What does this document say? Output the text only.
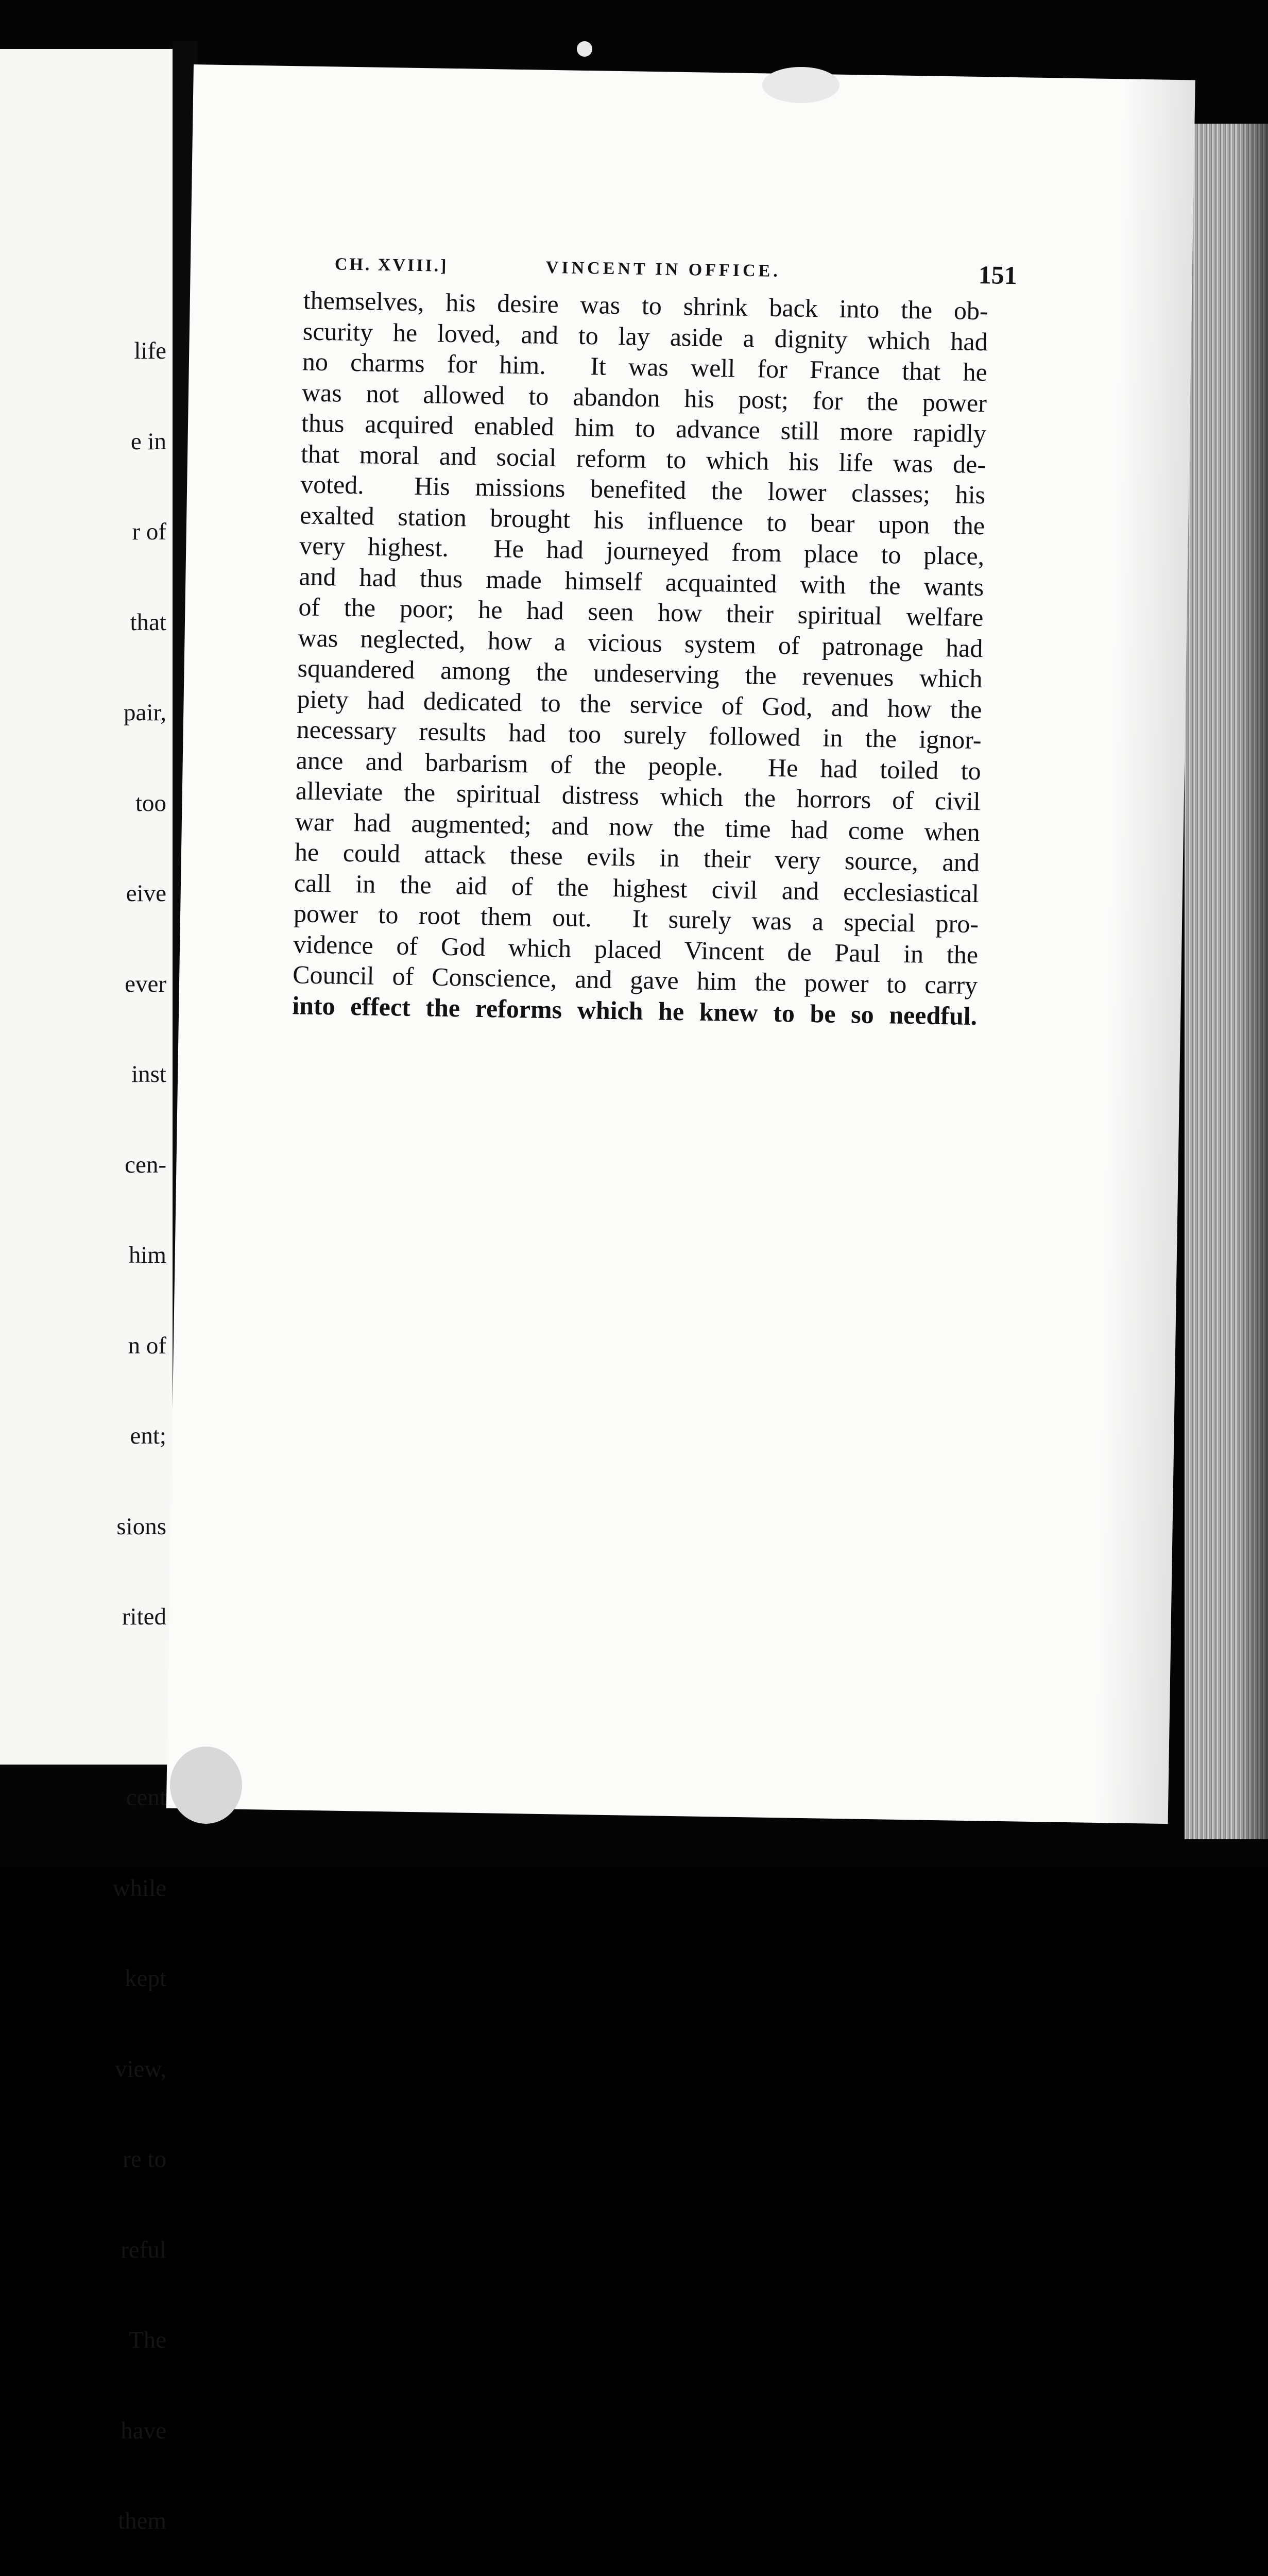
life

e in

r of

that

pair,

too

eive

ever

inst

cen-

him

n of

ent;

sions

rited

cent

while

kept

view,

re to

reful

The

have

them

CH. XVIII.]	VINCENT IN OFFICE.	151
themselves, his desire was to shrink back into the ob-
scurity he loved, and to lay aside a dignity which had
no charms for him.  It was well for France that he
was not allowed to abandon his post; for the power
thus acquired enabled him to advance still more rapidly
that moral and social reform to which his life was de-
voted.  His missions benefited the lower classes; his
exalted station brought his influence to bear upon the
very highest.  He had journeyed from place to place,
and had thus made himself acquainted with the wants
of the poor; he had seen how their spiritual welfare
was neglected, how a vicious system of patronage had
squandered among the undeserving the revenues which
piety had dedicated to the service of God, and how the
necessary results had too surely followed in the ignor-
ance and barbarism of the people.  He had toiled to
alleviate the spiritual distress which the horrors of civil
war had augmented; and now the time had come when
he could attack these evils in their very source, and
call in the aid of the highest civil and ecclesiastical
power to root them out.  It surely was a special pro-
vidence of God which placed Vincent de Paul in the
Council of Conscience, and gave him the power to carry
into effect the reforms which he knew to be so needful.
